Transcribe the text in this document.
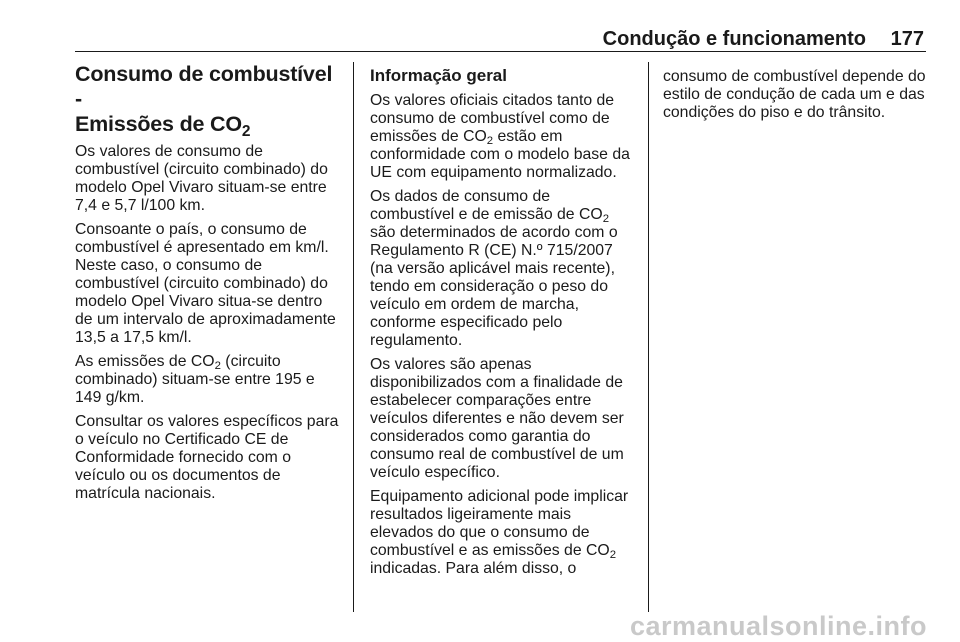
Condução e funcionamento 177
Consumo de combustível -
Emissões de $CO_2$

Os valores de consumo de combustível (circuito combinado) do modelo Opel Vivaro situam-se entre 7,4 e 5,7 l/100 km.

Consoante o país, o consumo de combustível é apresentado em km/l. Neste caso, o consumo de combustível (circuito combinado) do modelo Opel Vivaro situa-se dentro de um intervalo de aproximadamente 13,5 a 17,5 km/l.

As emissões de $CO_2$ (circuito combinado) situam-se entre 195 e 149 g/km.

Consultar os valores específicos para o veículo no Certificado CE de Conformidade fornecido com o veículo ou os documentos de matrícula nacionais.

Informação geral

Os valores oficiais citados tanto de consumo de combustível como de emissões de $CO_2$ estão em conformidade com o modelo base da UE com equipamento normalizado.

Os dados de consumo de combustível e de emissão de $CO_2$ são determinados de acordo com o Regulamento R (CE) N.º 715/2007 (na versão aplicável mais recente), tendo em consideração o peso do veículo em ordem de marcha, conforme especificado pelo regulamento.

Os valores são apenas disponibilizados com a finalidade de estabelecer comparações entre veículos diferentes e não devem ser considerados como garantia do consumo real de combustível de um veículo específico.

Equipamento adicional pode implicar resultados ligeiramente mais elevados do que o consumo de combustível e as emissões de $CO_2$ indicadas. Para além disso, o

consumo de combustível depende do estilo de condução de cada um e das condições do piso e do trânsito.

carmanualsonline.info
